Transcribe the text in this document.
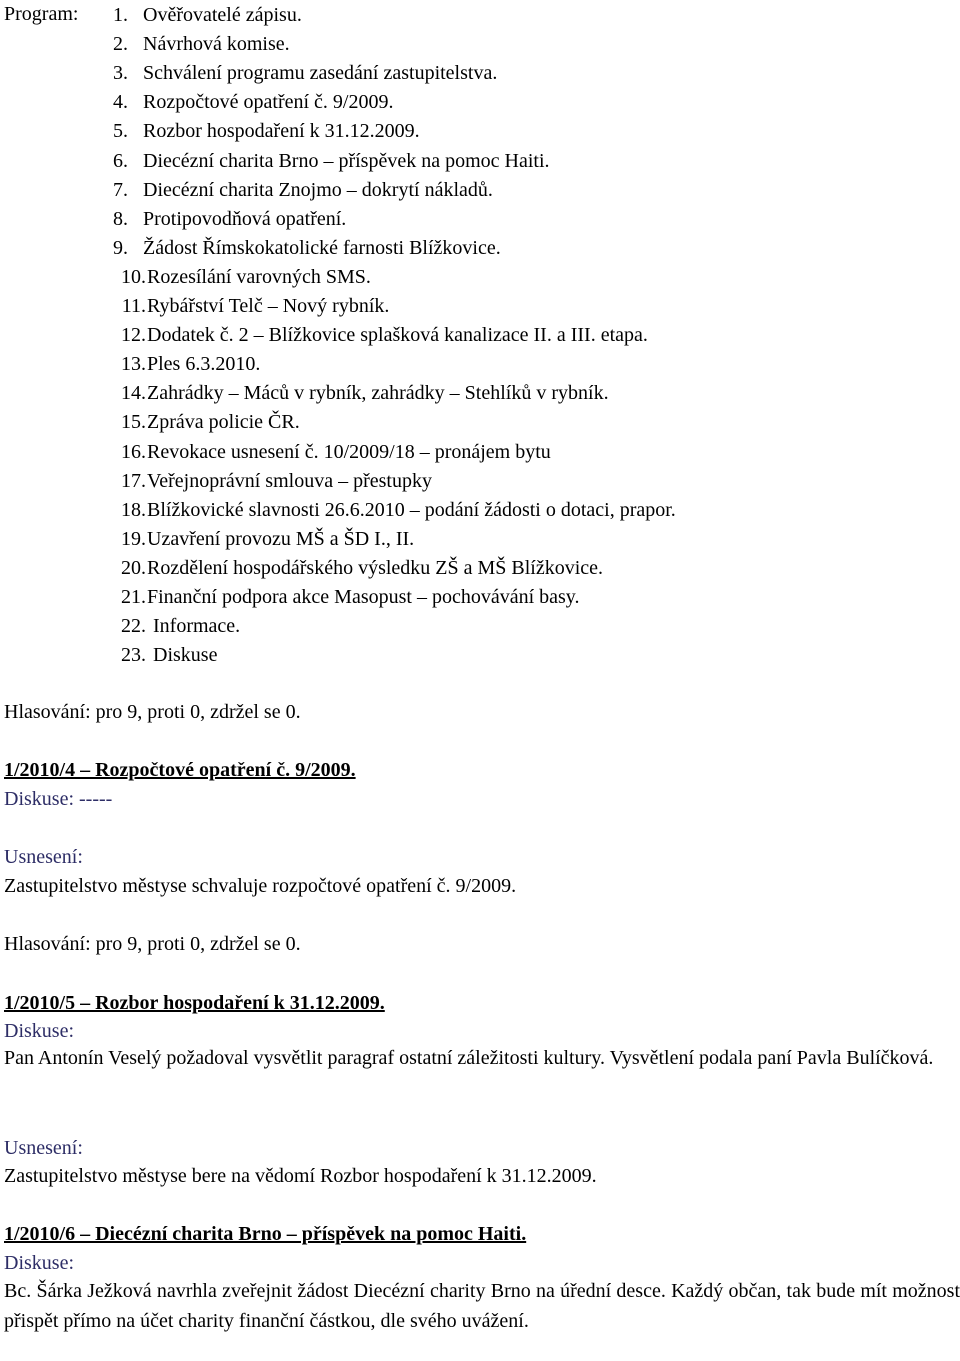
Program:	1. Ověřovatelé zápisu.
2. Návrhová komise.
3. Schválení programu zasedání zastupitelstva.
4. Rozpočtové opatření č. 9/2009.
5. Rozbor hospodaření k 31.12.2009.
6. Diecézní charita Brno – příspěvek na pomoc Haiti.
7. Diecézní charita Znojmo – dokrytí nákladů.
8. Protipovodňová opatření.
9. Žádost Římskokatolické farnosti Blížkovice.
10. Rozesílání varovných SMS.
11. Rybářství Telč – Nový rybník.
12. Dodatek č. 2 – Blížkovice splašková kanalizace II. a III. etapa.
13. Ples 6.3.2010.
14. Zahrádky – Máců v rybník, zahrádky – Stehlíků v rybník.
15. Zpráva policie ČR.
16. Revokace usnesení č. 10/2009/18 – pronájem bytu
17. Veřejnoprávní smlouva – přestupky
18. Blížkovické slavnosti 26.6.2010 – podání žádosti o dotaci, prapor.
19. Uzavření provozu MŠ a ŠD I., II.
20. Rozdělení hospodářského výsledku ZŠ a MŠ Blížkovice.
21. Finanční podpora akce Masopust – pochovávání basy.
22. Informace.
23. Diskuse
Hlasování: pro 9, proti 0, zdržel se 0.
1/2010/4 – Rozpočtové opatření č. 9/2009.
Diskuse: -----
Usnesení:
Zastupitelstvo městyse schvaluje rozpočtové opatření č. 9/2009.
Hlasování: pro 9, proti 0, zdržel se 0.
1/2010/5 – Rozbor hospodaření k 31.12.2009.
Diskuse:
Pan Antonín Veselý požadoval vysvětlit paragraf ostatní záležitosti kultury. Vysvětlení podala paní Pavla Bulíčková.
Usnesení:
Zastupitelstvo městyse bere na vědomí Rozbor hospodaření k 31.12.2009.
1/2010/6 – Diecézní charita Brno – příspěvek na pomoc Haiti.
Diskuse:
Bc. Šárka Ježková navrhla zveřejnit žádost Diecézní charity Brno na úřední desce. Každý občan, tak bude mít možnost přispět přímo na účet charity finanční částkou, dle svého uvážení.
